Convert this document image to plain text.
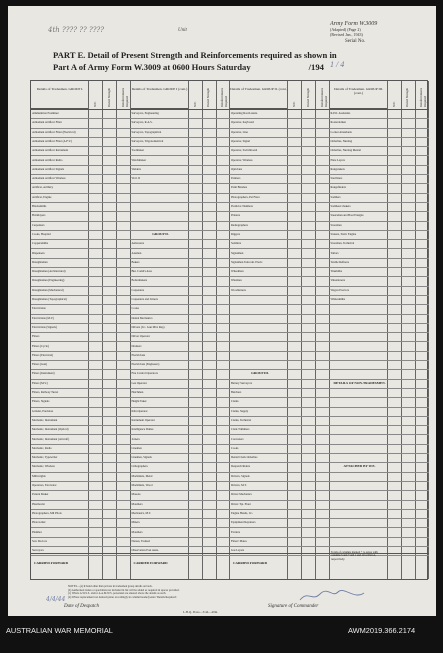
4th ???? ?? ????	Unit
Army Form W.3009
(Adapted) (Page 2)
(Revised Jan., 1943)
Serial No.
PART E. Detail of Present Strength and Reinforcements required as shown in
Part A of Army Form W.3009 at 0600 Hours Saturday	/194 1 / 4
Details of Tradesmen. GROUP I.
W.E.	Posted Strength	Reinforcements Required
Ammunition Examiner
Armament Artificer Fitter
Armament Artificer Fitter (Electrical)
Armament Artificer Fitter (A.F.V.)
Armament Artificer Instrument
Armament Artificer Radio
Armament Artificer Signals
Armament Artificer Wireless
Artificer, Artillery
Artificer, Engine
Blacksmiths
Bricklayers
Carpenters
Cooks, Hospital
Coppersmiths
Dispensers
Draughtsmen
Draughtsmen (Architectural)
Draughtsmen (Engineering)
Draughtsmen (Mechanical)
Draughtsmen (Topographical)
Electricians
Electricians (M.V.)
Electricians (Signals)
Fitters
Fitters (Cycle)
Fitters (Electrical)
Fitters (Gun)
Fitters (Instrument)
Fitters (M.V.)
Fitters, Railway Turret
Fitters, Signals
Grinder, Precision
Mechanic, Instrument
Mechanic, Instrument (Optical)
Mechanic, Instrument (Aircraft)
Mechanic, Radio
Mechanic, Typewriter
Mechanic, Wireless
Millwrights
Operators, Excavator
Pattern Maker
Pharmacist
Photographers, Mil Pilots
Photowriter
Plumber
Saw Doctors
Surveyors
CARRIED FORWARD
Details of Tradesmen. GROUP I (cont.)
W.E.	Posted Strength	Reinforcements Required
Surveyors, Engineering
Surveyors, R.A.S.
Surveyors, Topographical
Surveyors, Trigonometrical
Toolmaker
Watchmaker
Welders
W.O. II
GROUP II.
Armourers
Axemen
Bakers
Bkr. Comd's Asst.
Boilermakers
Carpenters
Carpenters and Joiners
Cooks
Dental Mechanics
Drivers (I.C. Gun Mtd. Rep)
Driver Operator
Drainers
Electricians
Electricians (Engineers)
Fire Control Operators
Gas Operator
Hatchmen
Height Taker
Kiln Operator
Instrument Operator
Intelligence Duties
Joiners
Linemen
Linemen, Signals
Lithographers
Machinists, Metal
Machinists, Wood
Masons
Moulders
Mechanics, M.T.
Miners
Moulders
Nurses, Trained
Observation Post Assts.
CARRIED FORWARD
Details of Tradesmen. GROUP II. (cont.)
W.E.	Posted Strength	Reinforcements Required
Operating Room Assts.
Operator, Keyboard
Operator, Line
Operator, Signal
Operator, Switchboard
Operator, Wireless
Opticians
Painters
Paint Brushes
Photographers, Pet Fixer
Predictor Numbers
Printers
Radiographers
Riggers
Saddlers
Signalmen
Signalmen Telecom. Electr.
Wheelmen
Wiremen
Woodturners
GROUP III.
Battery Surveyors
Butchers
Clerks
Clerks, Supply
Clerks, Technical
Clerk Trimmers
Concreters
Cooks
Dental Clerk Orderlies
Despatch Riders
Drivers, Signals
Drivers, M.T.
Driver Mechanics
Driver Tpt. Plant
Engine Hands, I.C.
Equipment Repairers
Farriers
Fitters' Mates
Gas Layers
CARRIED FORWARD
Details of Tradesmen. GROUP III. (cont.)
W.E.	Posted Strength	Reinforcements Required
R.P.O. Assistants
Rosterdomen
Locker Attendants
Orderlies, Nursing
Orderlies, Nursing Mental
Plate Layers
Rangetakers
Sterilizers
Rangefinders
Saddlers
Saddlerer makers
Steersmen and Boat Ensigns
Storemen
Stokers, Static Engine
Storemen, Technical
Tailors
Textile Refiners
Tinsmiths
Valuationers
Wagon Erectors
Whitesmiths
DETAILS OF NON-TRADESMEN.
ATTACHED BY W.E.
Totals of columns marked + to agree with columns 5 and 7 and 1 and 10 of Part A, respectively.
NOTES—(a) R hand other than private in tradesmen group details on back.
(b) Authorised trades or specialists not included in list will be added as required in spaces provided.
(c) Whole A.W.S.S. and/or A.A.M.W.S. personnel are entered above the details as such.
(d) Where replacement not desired (enter accordingly in column headed) enter 'Details Required'.
4/4/44
Date of Despatch
L.H.Q. Press—3/44—40m.
Signature of Commander
AUSTRALIAN WAR MEMORIAL	AWM2019.366.2174
